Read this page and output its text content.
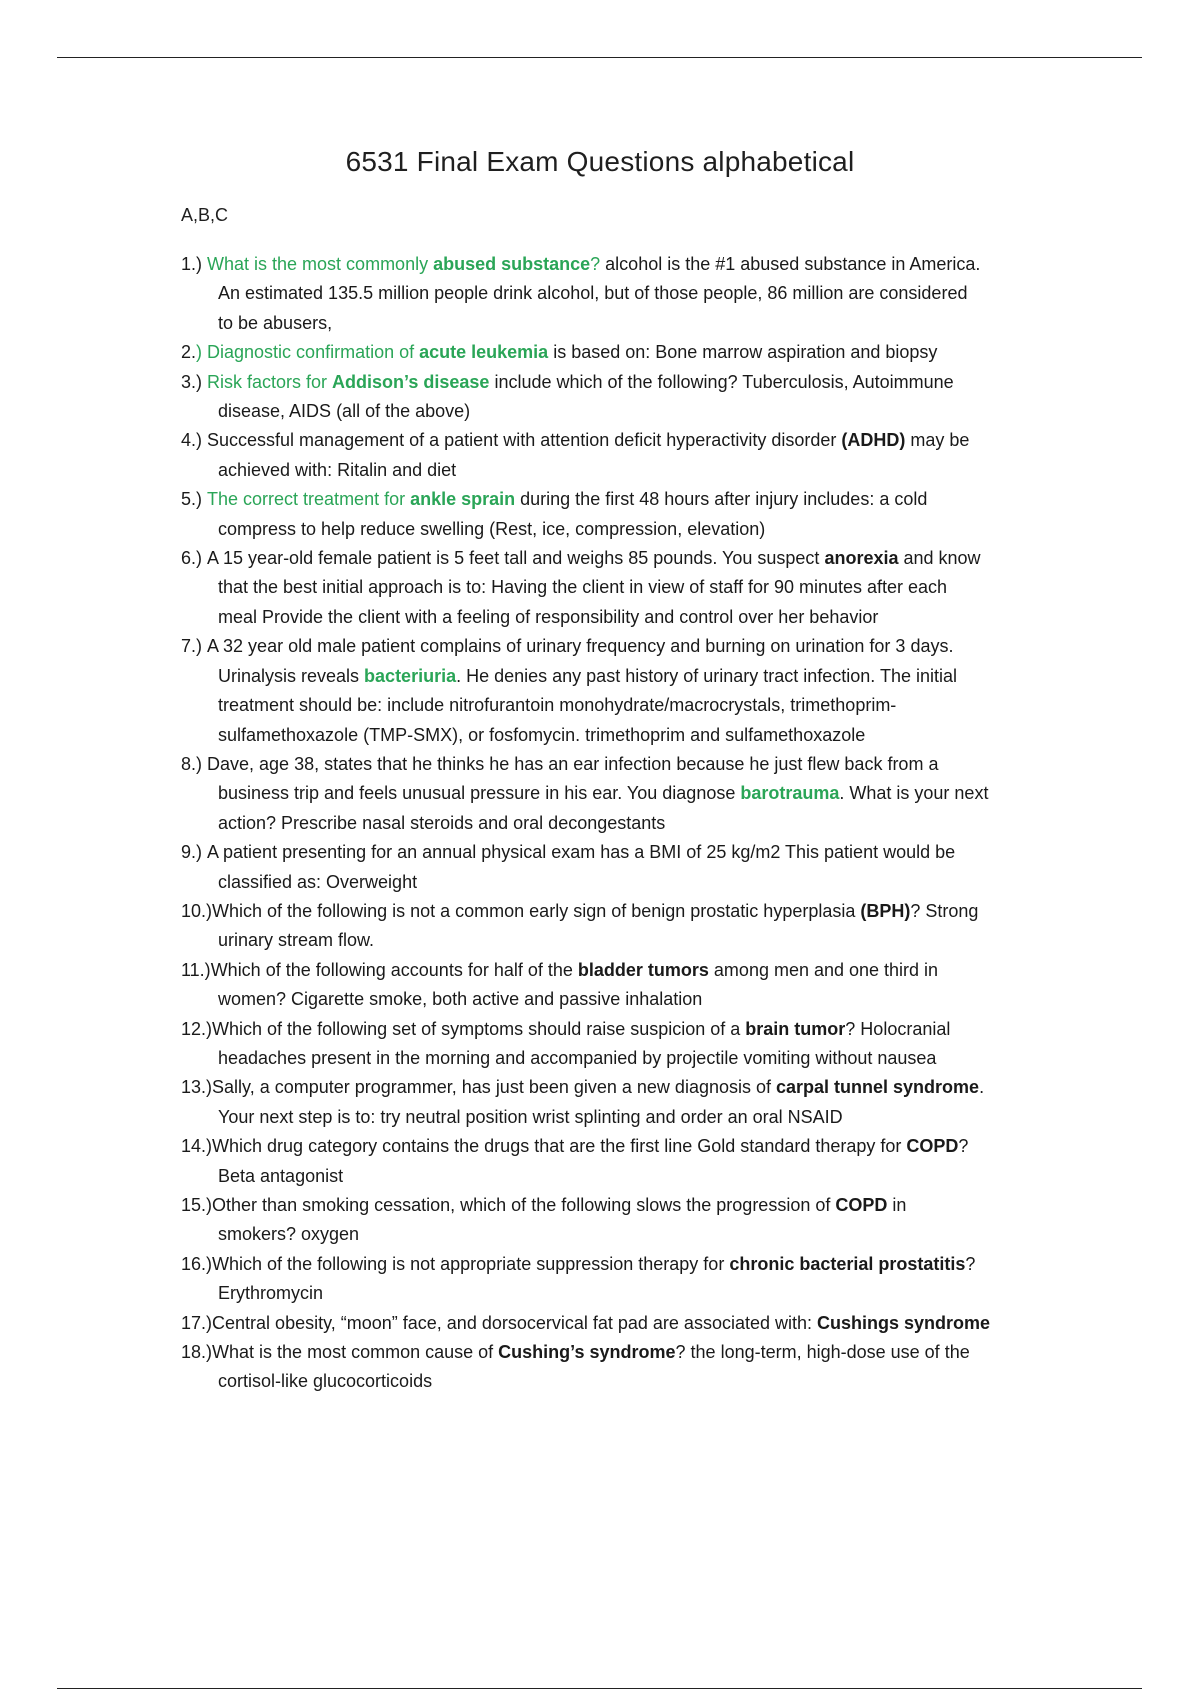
6531 Final Exam Questions alphabetical
A,B,C
1.) What is the most commonly abused substance? alcohol is the #1 abused substance in America.
An estimated 135.5 million people drink alcohol, but of those people, 86 million are considered
to be abusers,
2. ) Diagnostic confirmation of acute leukemia is based on: Bone marrow aspiration and biopsy
3.) Risk factors for Addison’s disease include which of the following? Tuberculosis, Autoimmune
disease, AIDS (all of the above)
4.) Successful management of a patient with attention deficit hyperactivity disorder (ADHD) may be
achieved with: Ritalin and diet
5.) The correct treatment for ankle sprain during the first 48 hours after injury includes: a cold
compress to help reduce swelling (Rest, ice, compression, elevation)
6.) A 15 year-old female patient is 5 feet tall and weighs 85 pounds. You suspect anorexia and know
that the best initial approach is to: Having the client in view of staff for 90 minutes after each
meal Provide the client with a feeling of responsibility and control over her behavior
7.) A 32 year old male patient complains of urinary frequency and burning on urination for 3 days.
Urinalysis reveals bacteriuria. He denies any past history of urinary tract infection. The initial
treatment should be: include nitrofurantoin monohydrate/macrocrystals, trimethoprim-
sulfamethoxazole (TMP-SMX), or fosfomycin. trimethoprim and sulfamethoxazole
8.) Dave, age 38, states that he thinks he has an ear infection because he just flew back from a
business trip and feels unusual pressure in his ear. You diagnose barotrauma. What is your next
action? Prescribe nasal steroids and oral decongestants
9.) A patient presenting for an annual physical exam has a BMI of 25 kg/m2 This patient would be
classified as: Overweight
10.) Which of the following is not a common early sign of benign prostatic hyperplasia (BPH)? Strong
urinary stream flow.
11.) Which of the following accounts for half of the bladder tumors among men and one third in
women? Cigarette smoke, both active and passive inhalation
12.) Which of the following set of symptoms should raise suspicion of a brain tumor? Holocranial
headaches present in the morning and accompanied by projectile vomiting without nausea
13.) Sally, a computer programmer, has just been given a new diagnosis of carpal tunnel syndrome.
Your next step is to: try neutral position wrist splinting and order an oral NSAID
14.) Which drug category contains the drugs that are the first line Gold standard therapy for COPD?
Beta antagonist
15.) Other than smoking cessation, which of the following slows the progression of COPD in
smokers? oxygen
16.) Which of the following is not appropriate suppression therapy for chronic bacterial prostatitis?
Erythromycin
17.) Central obesity, “moon” face, and dorsocervical fat pad are associated with: Cushings syndrome
18.) What is the most common cause of Cushing’s syndrome? the long-term, high-dose use of the
cortisol-like glucocorticoids
